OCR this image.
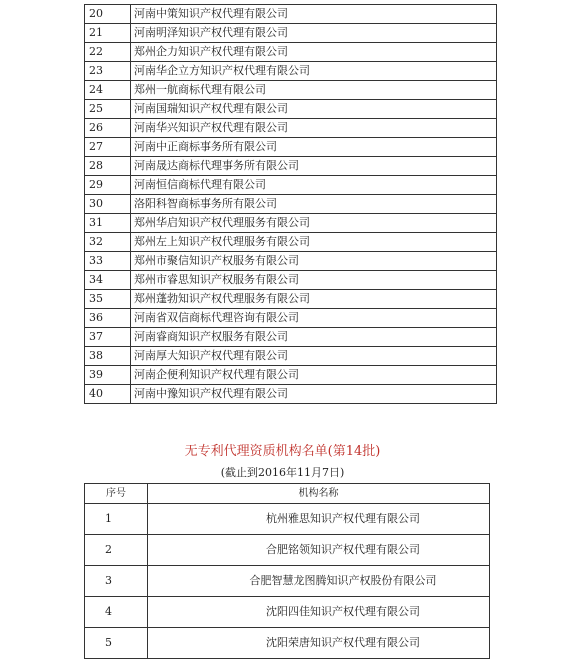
20	河南中策知识产权代理有限公司
21	河南明泽知识产权代理有限公司
22	郑州企力知识产权代理有限公司
23	河南华企立方知识产权代理有限公司
24	郑州一航商标代理有限公司
25	河南国瑞知识产权代理有限公司
26	河南华兴知识产权代理有限公司
27	河南中正商标事务所有限公司
28	河南晟达商标代理事务所有限公司
29	河南恒信商标代理有限公司
30	洛阳科智商标事务所有限公司
31	郑州华启知识产权代理服务有限公司
32	郑州左上知识产权代理服务有限公司
33	郑州市聚信知识产权服务有限公司
34	郑州市睿思知识产权服务有限公司
35	郑州蓬勃知识产权代理服务有限公司
36	河南省双信商标代理咨询有限公司
37	河南睿商知识产权服务有限公司
38	河南厚大知识产权代理有限公司
39	河南企便利知识产权代理有限公司
40	河南中豫知识产权代理有限公司
无专利代理资质机构名单(第14批)
(截止到2016年11月7日)
序号	机构名称
1	杭州雅思知识产权代理有限公司
2	合肥铭领知识产权代理有限公司
3	合肥智慧龙图腾知识产权股份有限公司
4	沈阳四佳知识产权代理有限公司
5	沈阳荣唐知识产权代理有限公司
